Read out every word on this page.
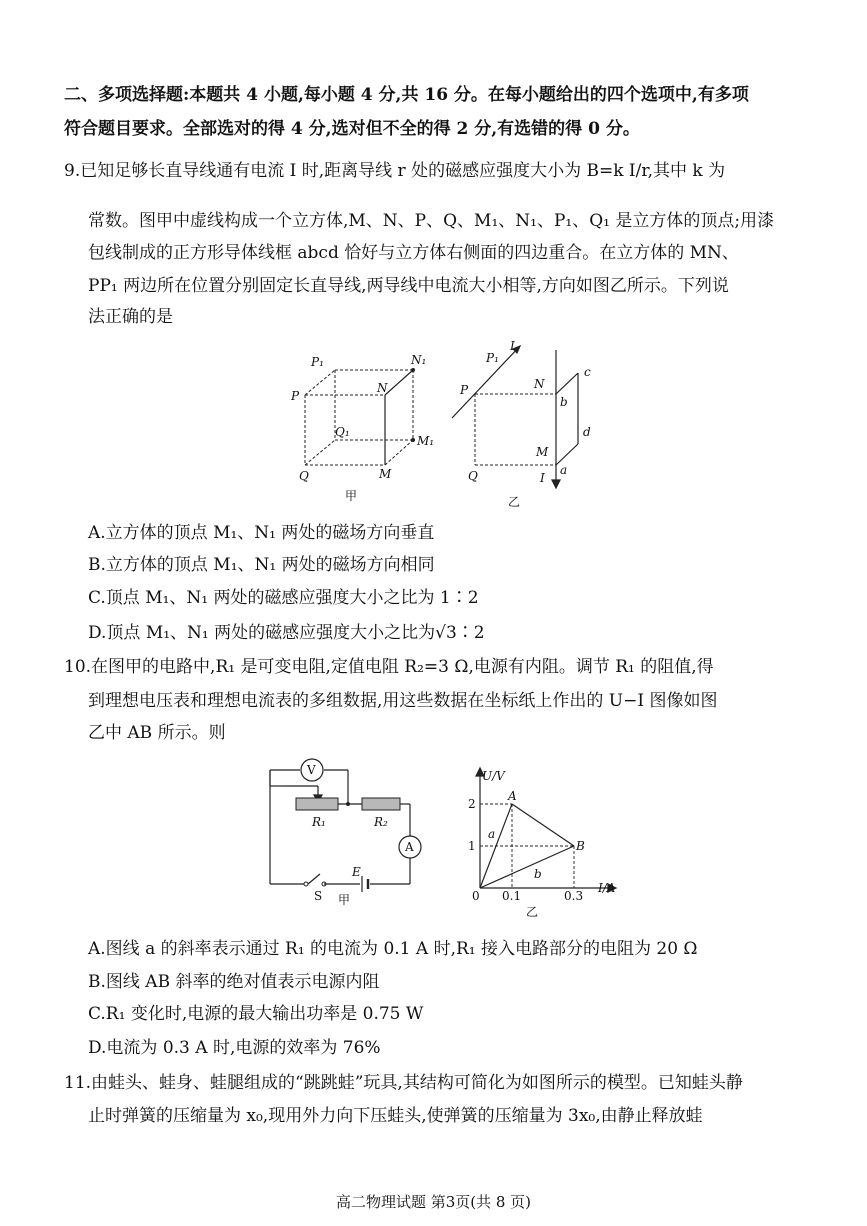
二、多项选择题:本题共 4 小题,每小题 4 分,共 16 分。在每小题给出的四个选项中,有多项
符合题目要求。全部选对的得 4 分,选对但不全的得 2 分,有选错的得 0 分。
9.已知足够长直导线通有电流 I 时,距离导线 r 处的磁感应强度大小为 B=k I/r,其中 k 为
常数。图甲中虚线构成一个立方体,M、N、P、Q、M₁、N₁、P₁、Q₁ 是立方体的顶点;用漆
包线制成的正方形导体线框 abcd 恰好与立方体右侧面的四边重合。在立方体的 MN、
PP₁ 两边所在位置分别固定长直导线,两导线中电流大小相等,方向如图乙所示。下列说
法正确的是
P₁	N₁
P
N
Q₁
M₁
Q	M
甲
P₁
I
P	N
c
b
d
M
Q	I
a
乙
A.立方体的顶点 M₁、N₁ 两处的磁场方向垂直
B.立方体的顶点 M₁、N₁ 两处的磁场方向相同
C.顶点 M₁、N₁ 两处的磁感应强度大小之比为 1∶2
D.顶点 M₁、N₁ 两处的磁感应强度大小之比为√3∶2
10.在图甲的电路中,R₁ 是可变电阻,定值电阻 R₂=3 Ω,电源有内阻。调节 R₁ 的阻值,得
到理想电压表和理想电流表的多组数据,用这些数据在坐标纸上作出的 U−I 图像如图
乙中 AB 所示。则
V
A
R₁	R₂
S
E
甲
U/V
I/A
A
B
a
b
0
2
1
0.1	0.3
乙
A.图线 a 的斜率表示通过 R₁ 的电流为 0.1 A 时,R₁ 接入电路部分的电阻为 20 Ω
B.图线 AB 斜率的绝对值表示电源内阻
C.R₁ 变化时,电源的最大输出功率是 0.75 W
D.电流为 0.3 A 时,电源的效率为 76%
11.由蛙头、蛙身、蛙腿组成的“跳跳蛙”玩具,其结构可简化为如图所示的模型。已知蛙头静
止时弹簧的压缩量为 x₀,现用外力向下压蛙头,使弹簧的压缩量为 3x₀,由静止释放蛙
高二物理试题 第3页(共 8 页)
